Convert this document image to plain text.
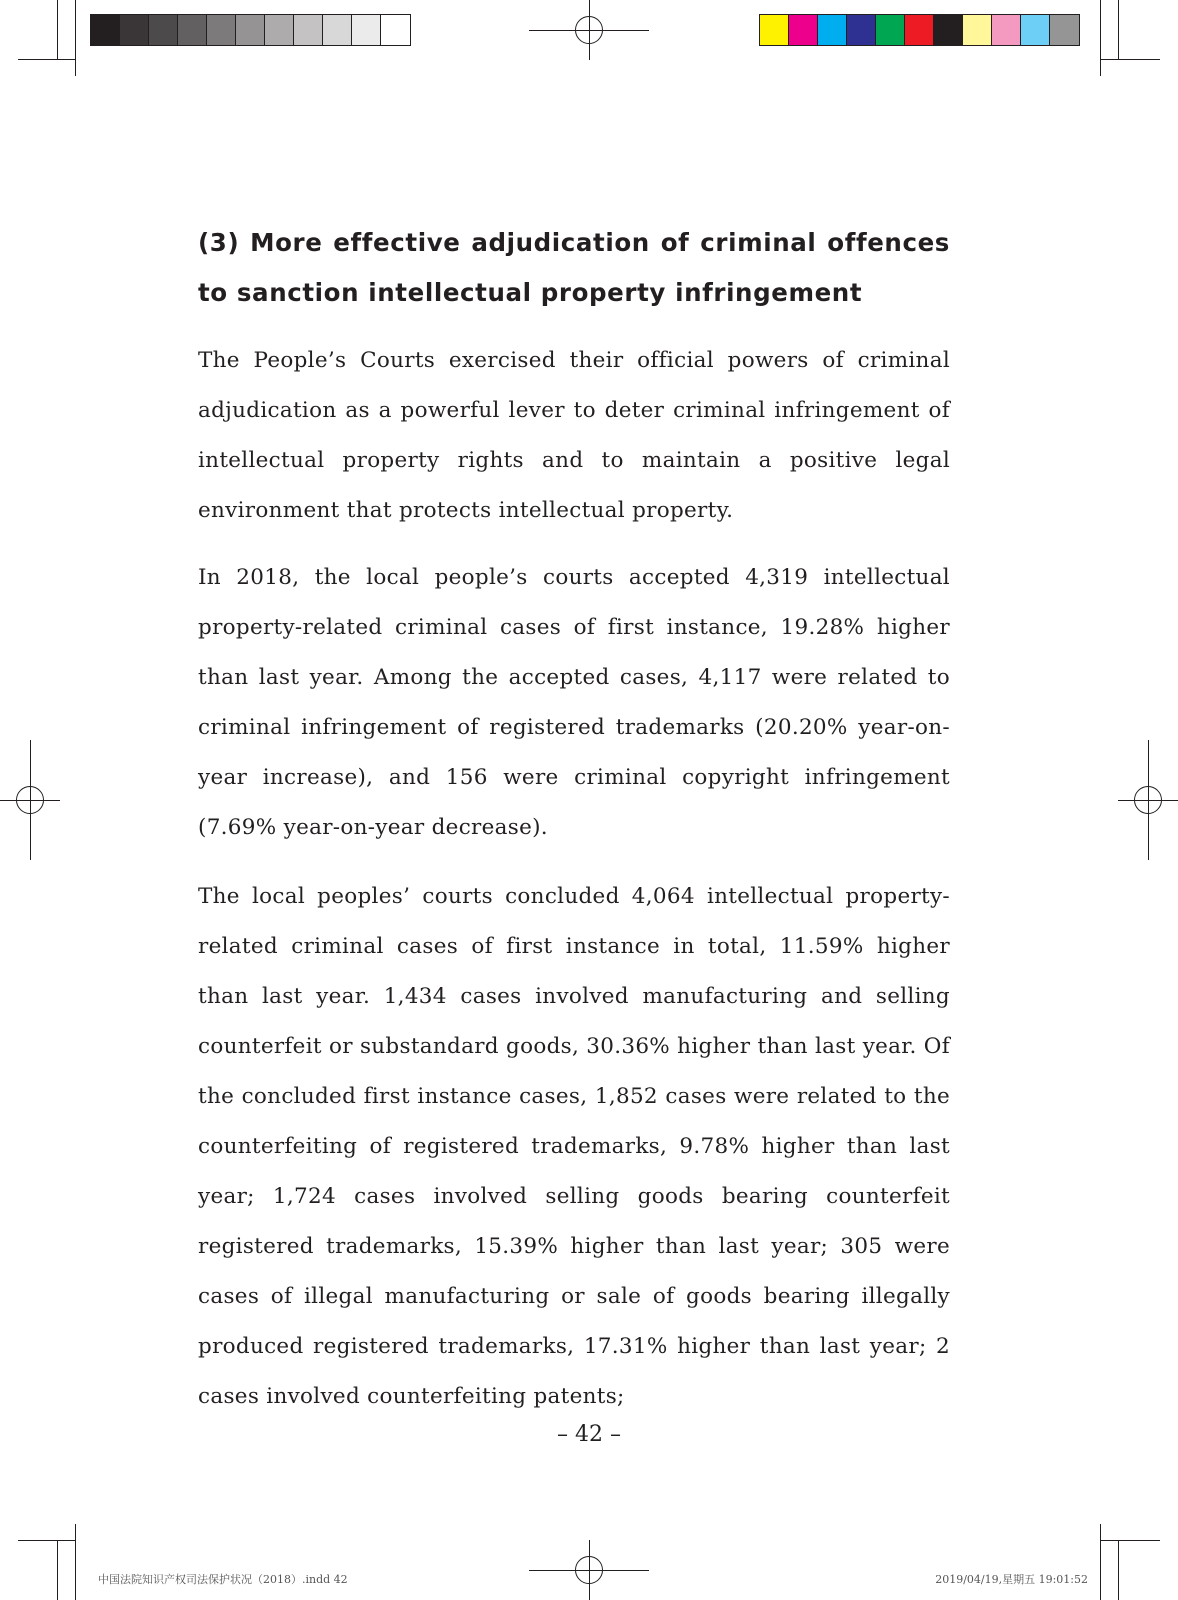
(3) More effective adjudication of criminal offences to sanction intellectual property infringement

The People’s Courts exercised their official powers of criminal adjudication as a powerful lever to deter criminal infringement of intellectual property rights and to maintain a positive legal environment that protects intellectual property.

In 2018, the local people’s courts accepted 4,319 intellectual property-related criminal cases of first instance, 19.28% higher than last year. Among the accepted cases, 4,117 were related to criminal infringement of registered trademarks (20.20% year-on-year increase), and 156 were criminal copyright infringement (7.69% year-on-year decrease).

The local peoples’ courts concluded 4,064 intellectual property-related criminal cases of first instance in total, 11.59% higher than last year. 1,434 cases involved manufacturing and selling counterfeit or substandard goods, 30.36% higher than last year. Of the concluded first instance cases, 1,852 cases were related to the counterfeiting of registered trademarks, 9.78% higher than last year; 1,724 cases involved selling goods bearing counterfeit registered trademarks, 15.39% higher than last year; 305 were cases of illegal manufacturing or sale of goods bearing illegally produced registered trademarks, 17.31% higher than last year; 2 cases involved counterfeiting patents;

– 42 –
中国法院知识产权司法保护状况（2018）.indd 42	2019/04/19,星期五 19:01:52
